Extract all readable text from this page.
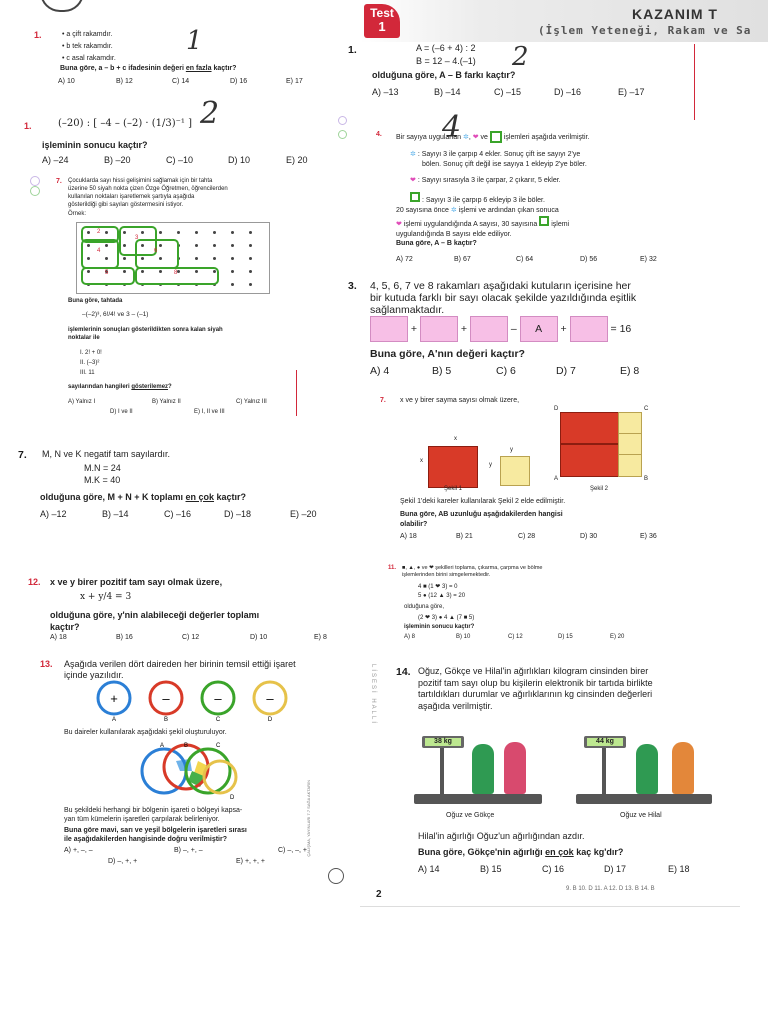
Test
1
KAZANIM T
(İşlem Yeteneği, Rakam ve Sa
1
2
2
4
1.	• a çift rakamdır.
• b tek rakamdır.
• c asal rakamdır.
Buna göre, a – b + c ifadesinin değeri en fazla kaçtır?
A) 10	B) 12	C) 14	D) 16	E) 17
1.	(–20) : [ –4 – (–2) · (1/3)⁻¹ ]
işleminin sonucu kaçtır?
A) –24	B) –20	C) –10	D) 10	E) 20
7. Çocuklarda sayı hissi gelişimini sağlamak için bir tahta
üzerine 50 siyah nokta çizen Özge Öğretmen, öğrencilerden
kullanılan noktaları işaretlemek şartıyla aşağıda
gösterildiği gibi sayıları göstermesini istiyor.
Örnek:
2
3
4	6
5	8
Buna göre, tahtada
–(–2)³, 6!/4! ve 3 – (–1)
işlemlerinin sonuçları gösterildikten sonra kalan siyah
noktalar ile
I. 2! + 0!
II. (–3)²
III. 11
sayılarından hangileri gösterilemez?
A) Yalnız I	B) Yalnız II	C) Yalnız III
D) I ve II	E) I, II ve III
7. M, N ve K negatif tam sayılardır.
M.N = 24
M.K = 40
olduğuna göre, M + N + K toplamı en çok kaçtır?
A) –12	B) –14	C) –16	D) –18	E) –20
12. x ve y birer pozitif tam sayı olmak üzere,
x + y/4 = 3
olduğuna göre, y'nin alabileceği değerler toplamı
kaçtır?
A) 18	B) 16	C) 12	D) 10	E) 8
13. Aşağıda verilen dört daireden her birinin temsil ettiği işaret
içinde yazılıdır.
+	–	–	–
A	B	C	D
Bu daireler kullanılarak aşağıdaki şekil oluşturuluyor.
A	B	C
D
Bu şekildeki herhangi bir bölgenin işareti o bölgeyi kapsa-
yan tüm kümelerin işaretleri çarpılarak belirleniyor.
Buna göre mavi, sarı ve yeşil bölgelerin işaretleri sırası
ile aşağıdakilerden hangisinde doğru verilmiştir?
A) +, –, –	B) –, +, –	C) –, –, +
D) –, +, +	E) +, +, +
ÇALIŞMA, YAYINLARI 7.7 SAĞA AKTARIN
1.	A = (–6 + 4) : 2
B = 12 – 4.(–1)
olduğuna göre, A – B farkı kaçtır?
A) –13	B) –14	C) –15	D) –16	E) –17
4. Bir sayıya uygulanan ✲, ❤ ve  işlemleri aşağıda verilmiştir.
✲ : Sayıyı 3 ile çarpıp 4 ekler. Sonuç çift ise sayıyı 2'ye
bölen. Sonuç çift değil ise sayıya 1 ekleyip 2'ye böler.
❤ : Sayıyı sırasıyla 3 ile çarpar, 2 çıkarır, 5 ekler.
: Sayıyı 3 ile çarpıp 6 ekleyip 3 ile böler.
20 sayısına önce ✲ işlemi ve ardından çıkan sonuca
❤ işlemi uygulandığında A sayısı, 30 sayısına işlemi
uygulandığında B sayısı elde ediliyor.
Buna göre, A – B kaçtır?
A) 72	B) 67	C) 64	D) 56	E) 32
3. 4, 5, 6, 7 ve 8 rakamları aşağıdaki kutuların içerisine her
bir kutuda farklı bir sayı olacak şekilde yazıldığında eşitlik
sağlanmaktadır.
+	+	– A +	= 16
Buna göre, A'nın değeri kaçtır?
A) 4	B) 5	C) 6	D) 7	E) 8
7. x ve y birer sayma sayısı olmak üzere,
x
x
y
y
Şekil 1
D	C
A	B
Şekil 2
Şekil 1'deki kareler kullanılarak Şekil 2 elde edilmiştir.
Buna göre, AB uzunluğu aşağıdakilerden hangisi
olabilir?
A) 18	B) 21	C) 28	D) 30	E) 36
11. ■, ▲, ● ve ❤ şekilleri toplama, çıkarma, çarpma ve bölme
işlemlerinden birini simgelemektedir.
4 ■ (1 ❤ 3) = 0
5 ● (12 ▲ 3) = 20
olduğuna göre,
(2 ❤ 3) ● 4 ▲ (7 ■ 5)
işleminin sonucu kaçtır?
A) 8	B) 10	C) 12	D) 15	E) 20
LİSESİ HALLİ 14. Oğuz, Gökçe ve Hilal'in ağırlıkları kilogram cinsinden birer
pozitif tam sayı olup bu kişilerin elektronik bir tartıda birlikte
tartıldıkları durumlar ve ağırlıklarının kg cinsinden değerleri
aşağıda verilmiştir.
38 kg
Oğuz ve Gökçe
44 kg
Oğuz ve Hilal
Hilal'in ağırlığı Oğuz'un ağırlığından azdır.
Buna göre, Gökçe'nin ağırlığı en çok kaç kg'dır?
A) 14	B) 15	C) 16	D) 17	E) 18
2	9. B 10. D 11. A 12. D 13. B 14. B
